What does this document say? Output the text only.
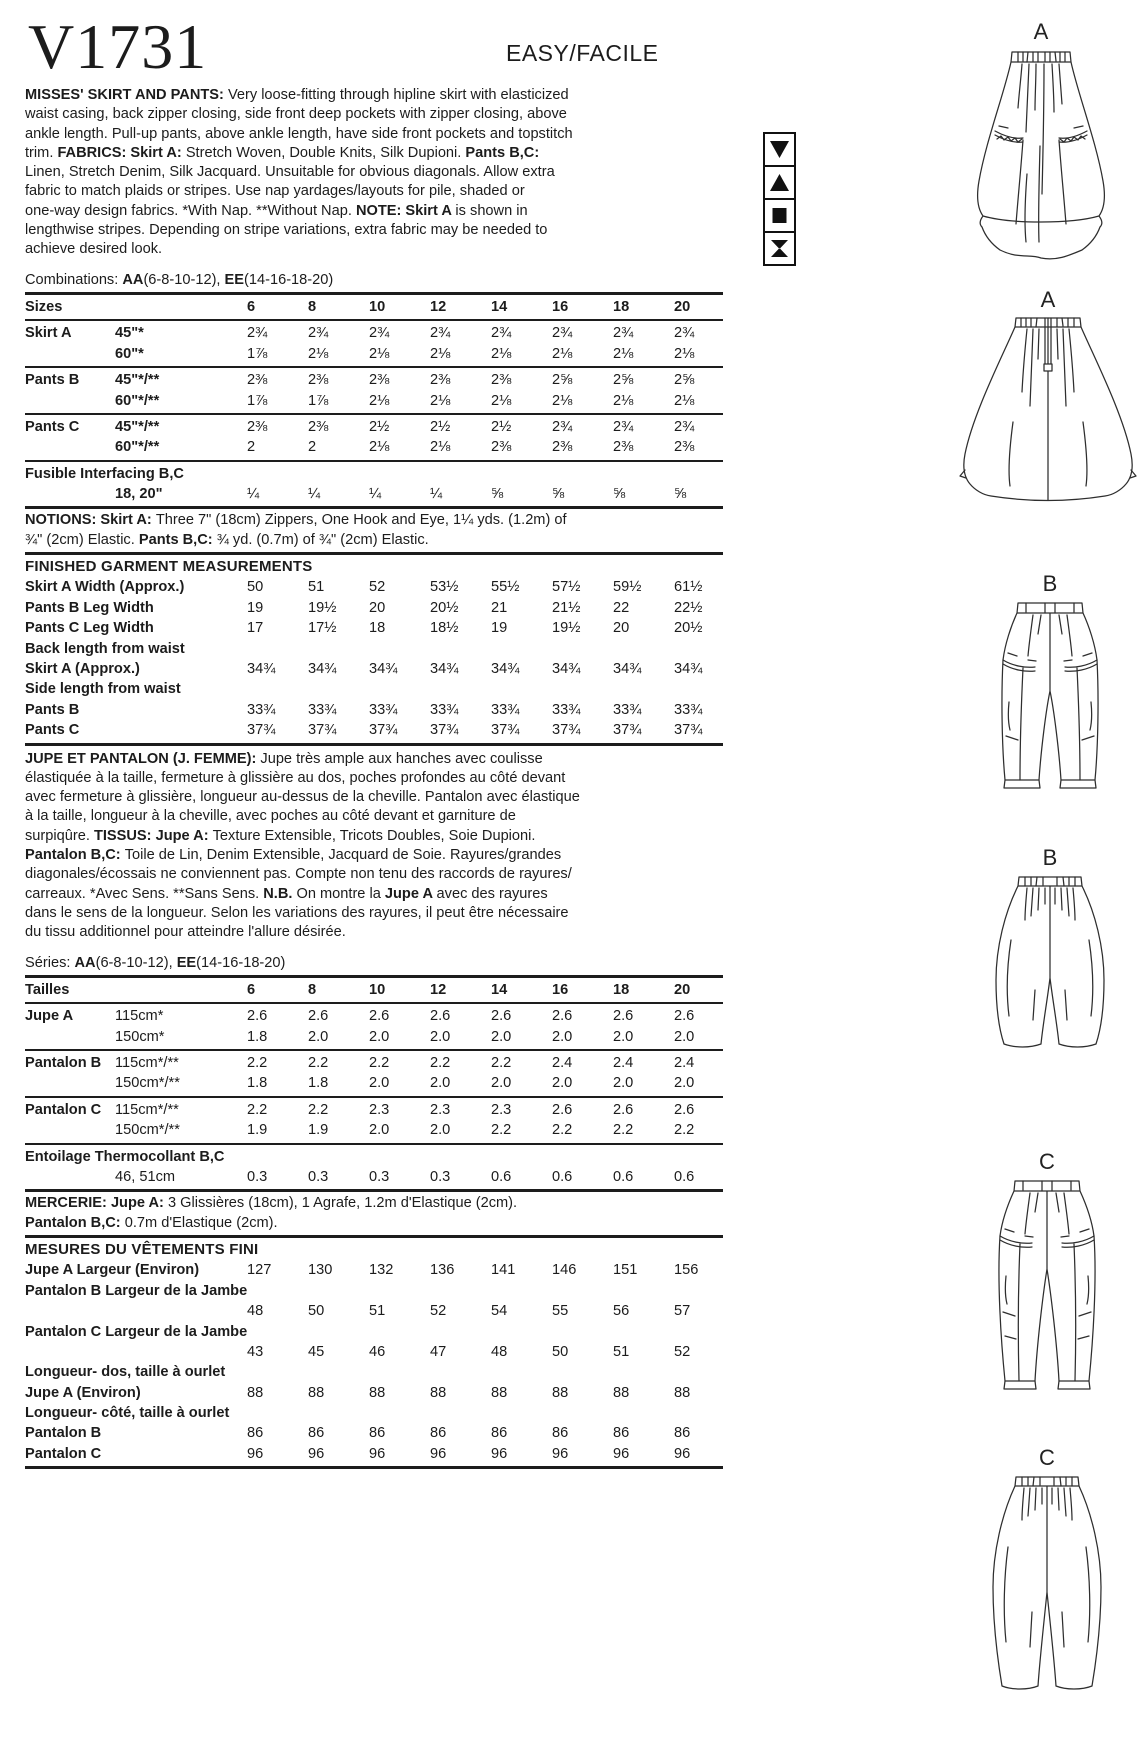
V1731	EASY/FACILE
MISSES' SKIRT AND PANTS: Very loose-fitting through hipline skirt with elasticized
waist casing, back zipper closing, side front deep pockets with zipper closing, above
ankle length. Pull-up pants, above ankle length, have side front pockets and topstitch
trim. FABRICS: Skirt A: Stretch Woven, Double Knits, Silk Dupioni. Pants B,C:
Linen, Stretch Denim, Silk Jacquard. Unsuitable for obvious diagonals. Allow extra
fabric to match plaids or stripes. Use nap yardages/layouts for pile, shaded or
one-way design fabrics. *With Nap. **Without Nap. NOTE: Skirt A is shown in
lengthwise stripes. Depending on stripe variations, extra fabric may be needed to
achieve desired look.
Combinations: AA(6-8-10-12), EE(14-16-18-20)
Sizes	6	8	10	12	14	16	18	20
Skirt A	45"*	2¾	2¾	2¾	2¾	2¾	2¾	2¾	2¾
60"*	1⅞	2⅛	2⅛	2⅛	2⅛	2⅛	2⅛	2⅛
Pants B	45"*/**	2⅜	2⅜	2⅜	2⅜	2⅜	2⅝	2⅝	2⅝
60"*/**	1⅞	1⅞	2⅛	2⅛	2⅛	2⅛	2⅛	2⅛
Pants C	45"*/**	2⅜	2⅜	2½	2½	2½	2¾	2¾	2¾
60"*/**	2	2	2⅛	2⅛	2⅜	2⅜	2⅜	2⅜
Fusible Interfacing B,C
18, 20"	¼	¼	¼	¼	⅝	⅝	⅝	⅝
NOTIONS: Skirt A: Three 7" (18cm) Zippers, One Hook and Eye, 1¼ yds. (1.2m) of
¾" (2cm) Elastic. Pants B,C: ¾ yd. (0.7m) of ¾" (2cm) Elastic.
FINISHED GARMENT MEASUREMENTS
Skirt A Width (Approx.)	50	51	52	53½	55½	57½	59½	61½
Pants B Leg Width	19	19½	20	20½	21	21½	22	22½
Pants C Leg Width	17	17½	18	18½	19	19½	20	20½
Back length from waist
Skirt A (Approx.)	34¾	34¾	34¾	34¾	34¾	34¾	34¾	34¾
Side length from waist
Pants B	33¾	33¾	33¾	33¾	33¾	33¾	33¾	33¾
Pants C	37¾	37¾	37¾	37¾	37¾	37¾	37¾	37¾
JUPE ET PANTALON (J. FEMME): Jupe très ample aux hanches avec coulisse
élastiquée à la taille, fermeture à glissière au dos, poches profondes au côté devant
avec fermeture à glissière, longueur au-dessus de la cheville. Pantalon avec élastique
à la taille, longueur à la cheville, avec poches au côté devant et garniture de
surpiqûre. TISSUS: Jupe A: Texture Extensible, Tricots Doubles, Soie Dupioni.
Pantalon B,C: Toile de Lin, Denim Extensible, Jacquard de Soie. Rayures/grandes
diagonales/écossais ne conviennent pas. Compte non tenu des raccords de rayures/
carreaux. *Avec Sens. **Sans Sens. N.B. On montre la Jupe A avec des rayures
dans le sens de la longueur. Selon les variations des rayures, il peut être nécessaire
du tissu additionnel pour atteindre l'allure désirée.
Séries: AA(6-8-10-12), EE(14-16-18-20)
Tailles	6	8	10	12	14	16	18	20
Jupe A	115cm*	2.6	2.6	2.6	2.6	2.6	2.6	2.6	2.6
150cm*	1.8	2.0	2.0	2.0	2.0	2.0	2.0	2.0
Pantalon B 115cm*/**	2.2	2.2	2.2	2.2	2.2	2.4	2.4	2.4
150cm*/**	1.8	1.8	2.0	2.0	2.0	2.0	2.0	2.0
Pantalon C 115cm*/**	2.2	2.2	2.3	2.3	2.3	2.6	2.6	2.6
150cm*/**	1.9	1.9	2.0	2.0	2.2	2.2	2.2	2.2
Entoilage Thermocollant B,C
46, 51cm	0.3	0.3	0.3	0.3	0.6	0.6	0.6	0.6
MERCERIE: Jupe A: 3 Glissières (18cm), 1 Agrafe, 1.2m d'Elastique (2cm).
Pantalon B,C: 0.7m d'Elastique (2cm).
MESURES DU VÊTEMENTS FINI
Jupe A Largeur (Environ)	127	130	132	136	141	146	151	156
Pantalon B Largeur de la Jambe
48	50	51	52	54	55	56	57
Pantalon C Largeur de la Jambe
43	45	46	47	48	50	51	52
Longueur- dos, taille à ourlet
Jupe A (Environ)	88	88	88	88	88	88	88	88
Longueur- côté, taille à ourlet
Pantalon B	86	86	86	86	86	86	86	86
Pantalon C	96	96	96	96	96	96	96	96
A
A
B
B
C
C
